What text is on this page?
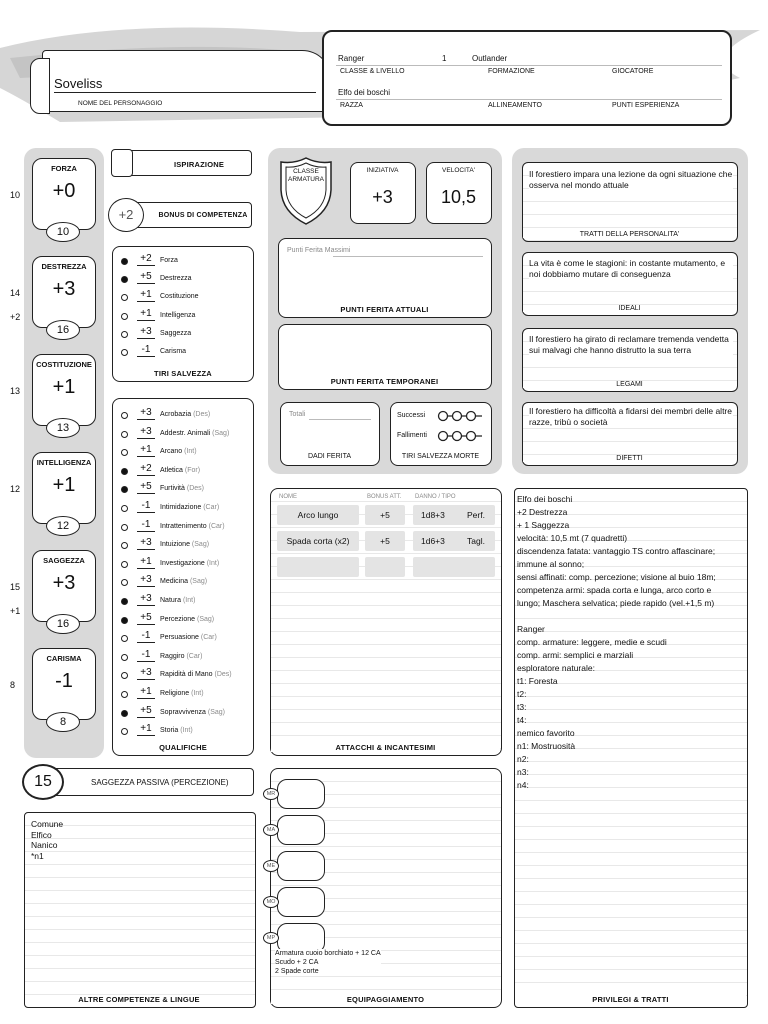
Soveliss
NOME DEL PERSONAGGIO
Ranger	1	Outlander
CLASSE & LIVELLO	FORMAZIONE	GIOCATORE
Elfo dei boschi
RAZZA	ALLINEAMENTO	PUNTI ESPERIENZA
FORZA
+0
10
10
DESTREZZA
+3
16
14
+2
COSTITUZIONE
+1
13
13
INTELLIGENZA
+1
12
12
SAGGEZZA
+3
16
15
+1
CARISMA
-1
8
8
ISPIRAZIONE
BONUS DI COMPETENZA
+2
+2	Forza
+5	Destrezza
+1	Costituzione
+1	Intelligenza
+3	Saggezza
-1	Carisma
TIRI SALVEZZA
+3	Acrobazia (Des)
+3	Addestr. Animali (Sag)
+1	Arcano (Int)
+2	Atletica (For)
+5	Furtività (Des)
-1	Intimidazione (Car)
-1	Intrattenimento (Car)
+3	Intuizione (Sag)
+1	Investigazione (Int)
+3	Medicina (Sag)
+3	Natura (Int)
+5	Percezione (Sag)
-1	Persuasione (Car)
-1	Raggiro (Car)
+3	Rapidità di Mano (Des)
+1	Religione (Int)
+5	Sopravvivenza (Sag)
+1	Storia (Int)
QUALIFICHE
SAGGEZZA PASSIVA (PERCEZIONE)
15
Comune
Elfico
Nanico
*n1
ALTRE COMPETENZE & LINGUE
CLASSE ARMATURA
INIZIATIVA
+3
VELOCITA'
10,5
Punti Ferita Massimi
PUNTI FERITA ATTUALI
PUNTI FERITA TEMPORANEI
Totali
DADI FERITA
Successi
Fallimenti
TIRI SALVEZZA MORTE
NOME	BONUS ATT. DANNO / TIPO
Arco lungo	+5	1d8+3	Perf.
Spada corta (x2)	+5	1d6+3	Tagl.
ATTACCHI & INCANTESIMI
MR
MA
ME
MO
MP
Armatura cuoio borchiato + 12 CA
Scudo + 2 CA
2 Spade corte
EQUIPAGGIAMENTO
Il forestiero impara una lezione da ogni situazione che osserva nel mondo attuale
TRATTI DELLA PERSONALITA'
La vita è come le stagioni: in costante mutamento, e noi dobbiamo mutare di conseguenza
IDEALI
Il forestiero ha girato di reclamare tremenda vendetta sui malvagi che hanno distrutto la sua terra
LEGAMI
Il forestiero ha difficoltà a fidarsi dei membri delle altre razze, tribù o società
DIFETTI
Elfo dei boschi
+2 Destrezza
+ 1 Saggezza
velocità: 10,5 mt (7 quadretti)
discendenza fatata: vantaggio TS contro affascinare;
immune al sonno;
sensi affinati: comp. percezione; visione al buio 18m;
competenza armi: spada corta e lunga, arco corto e
lungo; Maschera selvatica; piede rapido (vel.+1,5 m)

Ranger
comp. armature: leggere, medie e scudi
comp. armi: semplici e marziali
esploratore naturale:
t1: Foresta
t2:
t3:
t4:
nemico favorito
n1: Mostruosità
n2:
n3:
n4:
PRIVILEGI & TRATTI
